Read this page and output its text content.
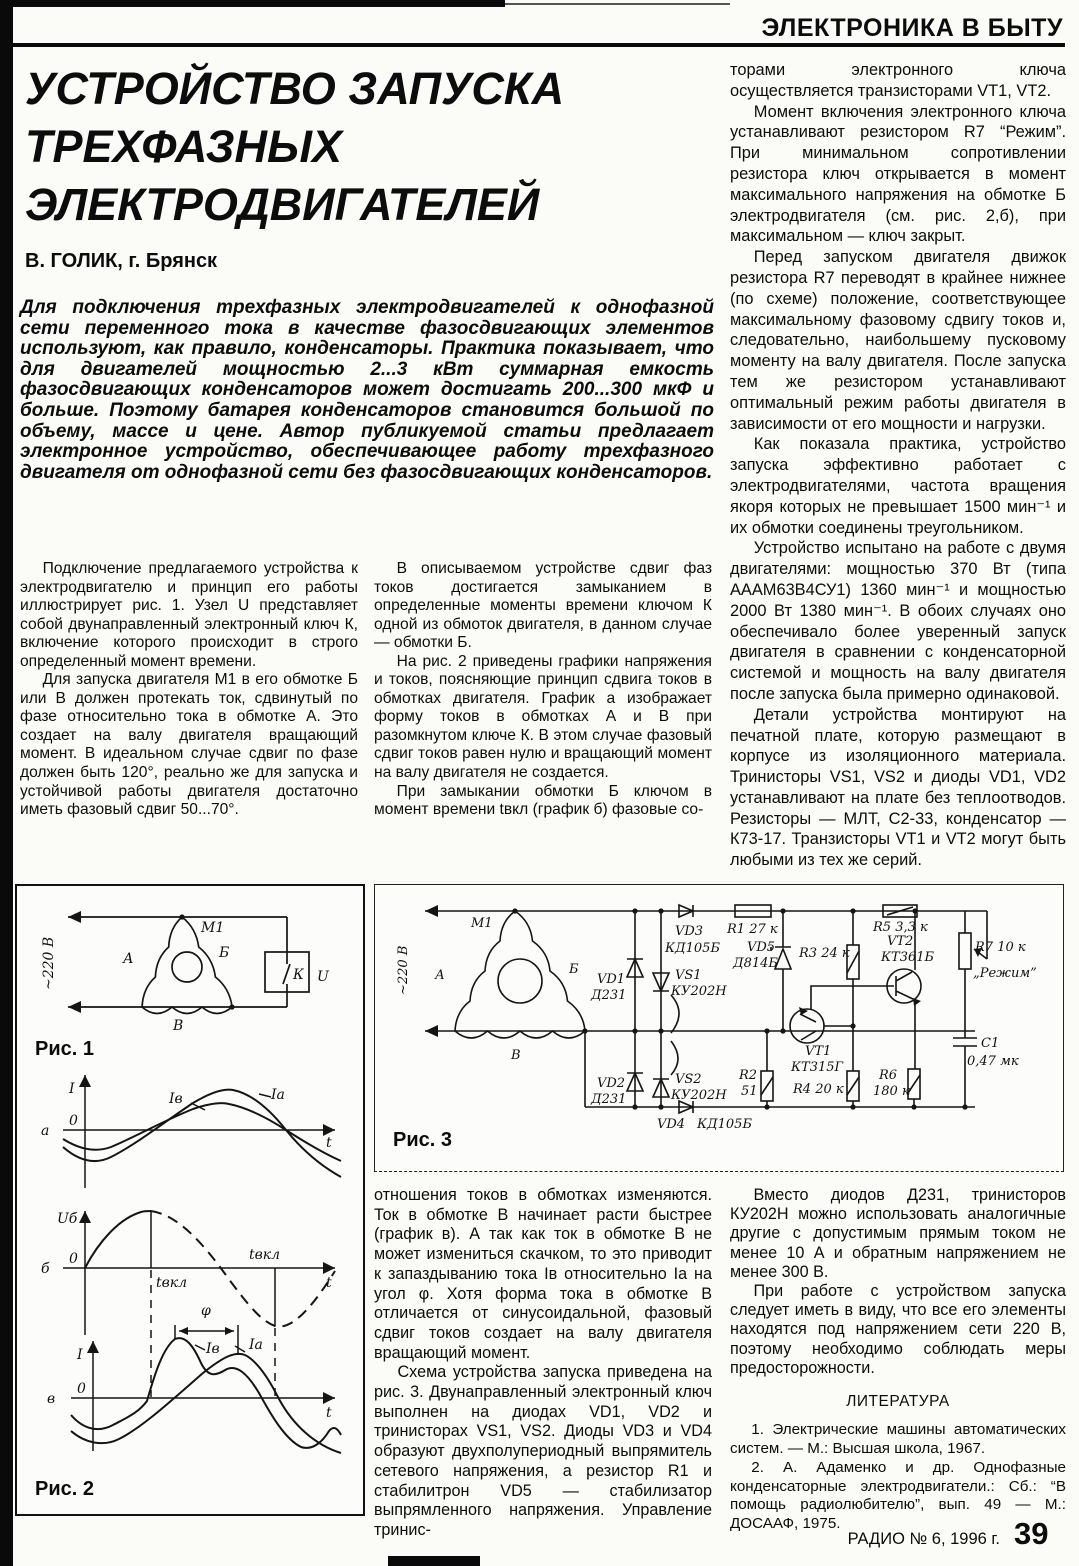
ЭЛЕКТРОНИКА В БЫТУ
УСТРОЙСТВО ЗАПУСКА
ТРЕХФАЗНЫХ
ЭЛЕКТРОДВИГАТЕЛЕЙ
В. ГОЛИК, г. Брянск
Для подключения трехфазных электродвигателей к однофазной сети переменного тока в качестве фазосдвигающих элементов используют, как правило, конденсаторы. Практика показывает, что для двигателей мощностью 2...3 кВт суммарная емкость фазосдвигающих конденсаторов может достигать 200...300 мкФ и больше. Поэтому батарея конденсаторов становится большой по объему, массе и цене. Автор публикуемой статьи предлагает электронное устройство, обеспечивающее работу трехфазного двигателя от однофазной сети без фазосдвигающих конденсаторов.

Подключение предлагаемого устройства к электродвигателю и принцип его работы иллюстрирует рис. 1. Узел U представляет собой двунаправленный электронный ключ К, включение которого происходит в строго определенный момент времени.

Для запуска двигателя М1 в его обмотке Б или В должен протекать ток, сдвинутый по фазе относительно тока в обмотке А. Это создает на валу двигателя вращающий момент. В идеальном случае сдвиг по фазе должен быть 120°, реально же для запуска и устойчивой работы двигателя достаточно иметь фазовый сдвиг 50...70°.

В описываемом устройстве сдвиг фаз токов достигается замыканием в определенные моменты времени ключом К одной из обмоток двигателя, в данном случае — обмотки Б.

На рис. 2 приведены графики напряжения и токов, поясняющие принцип сдвига токов в обмотках двигателя. График а изображает форму токов в обмотках А и В при разомкнутом ключе К. В этом случае фазовый сдвиг токов равен нулю и вращающий момент на валу двигателя не создается.

При замыкании обмотки Б ключом в момент времени tвкл (график б) фазовые со-

торами электронного ключа осуществляется транзисторами VT1, VT2.

Момент включения электронного ключа устанавливают резистором R7 “Режим”. При минимальном сопротивлении резистора ключ открывается в момент максимального напряжения на обмотке Б электродвигателя (см. рис. 2,б), при максимальном — ключ закрыт.

Перед запуском двигателя движок резистора R7 переводят в крайнее нижнее (по схеме) положение, соответствующее максимальному фазовому сдвигу токов и, следовательно, наибольшему пусковому моменту на валу двигателя. После запуска тем же резистором устанавливают оптимальный режим работы двигателя в зависимости от его мощности и нагрузки.

Как показала практика, устройство запуска эффективно работает с электродвигателями, частота вращения якоря которых не превышает 1500 мин⁻¹ и их обмотки соединены треугольником.

Устройство испытано на работе с двумя двигателями: мощностью 370 Вт (типа АААМ63В4СУ1) 1360 мин⁻¹ и мощностью 2000 Вт 1380 мин⁻¹. В обоих случаях оно обеспечивало более уверенный запуск двигателя в сравнении с конденсаторной системой и мощность на валу двигателя после запуска была примерно одинаковой.

Детали устройства монтируют на печатной плате, которую размещают в корпусе из изоляционного материала. Тринисторы VS1, VS2 и диоды VD1, VD2 устанавливают на плате без теплоотводов. Резисторы — МЛТ, С2-33, конденсатор — К73-17. Транзисторы VT1 и VT2 могут быть любыми из тех же серий.

М1
А	Б
В
К U
~220 В
Рис. 1
I
а
0
t
Iв	Iа
Uб
б
0
t
tвкл
tвкл
I
в
0
t
φ
Iв Iа
Рис. 2
М1
А	Б
В
~220 В	VD1
Д231
VD2
Д231
VS1
КУ202Н
VS2
КУ202Н
VD3
КД105Б
VD4 КД105Б
R1 27 к
VD5
Д814Б
R3 24 к
R5 3,3 к
R7 10 к
„Режим”
VT2
КТ361Б
VT1
КТ315Г
R2
51	R4 20 к
R6
180 к
C1
0,47 мк
Рис. 3

отношения токов в обмотках изменяются. Ток в обмотке В начинает расти быстрее (график в). А так как ток в обмотке В не может измениться скачком, то это приводит к запаздыванию тока Iв относительно Iа на угол φ. Хотя форма тока в обмотке В отличается от синусоидальной, фазовый сдвиг токов создает на валу двигателя вращающий момент.

Схема устройства запуска приведена на рис. 3. Двунаправленный электронный ключ выполнен на диодах VD1, VD2 и тринисторах VS1, VS2. Диоды VD3 и VD4 образуют двухполупериодный выпрямитель сетевого напряжения, а резистор R1 и стабилитрон VD5 — стабилизатор выпрямленного напряжения. Управление тринис-

Вместо диодов Д231, тринисторов КУ202Н можно использовать аналогичные другие с допустимым прямым током не менее 10 А и обратным напряжением не менее 300 В.

При работе с устройством запуска следует иметь в виду, что все его элементы находятся под напряжением сети 220 В, поэтому необходимо соблюдать меры предосторожности.

ЛИТЕРАТУРА

1. Электрические машины автоматических систем. — М.: Высшая школа, 1967.

2. А. Адаменко и др. Однофазные конденсаторные электродвигатели.: Сб.: “В помощь радиолюбителю”, вып. 49 — М.: ДОСААФ, 1975.

РАДИО № 6, 1996 г. 39
